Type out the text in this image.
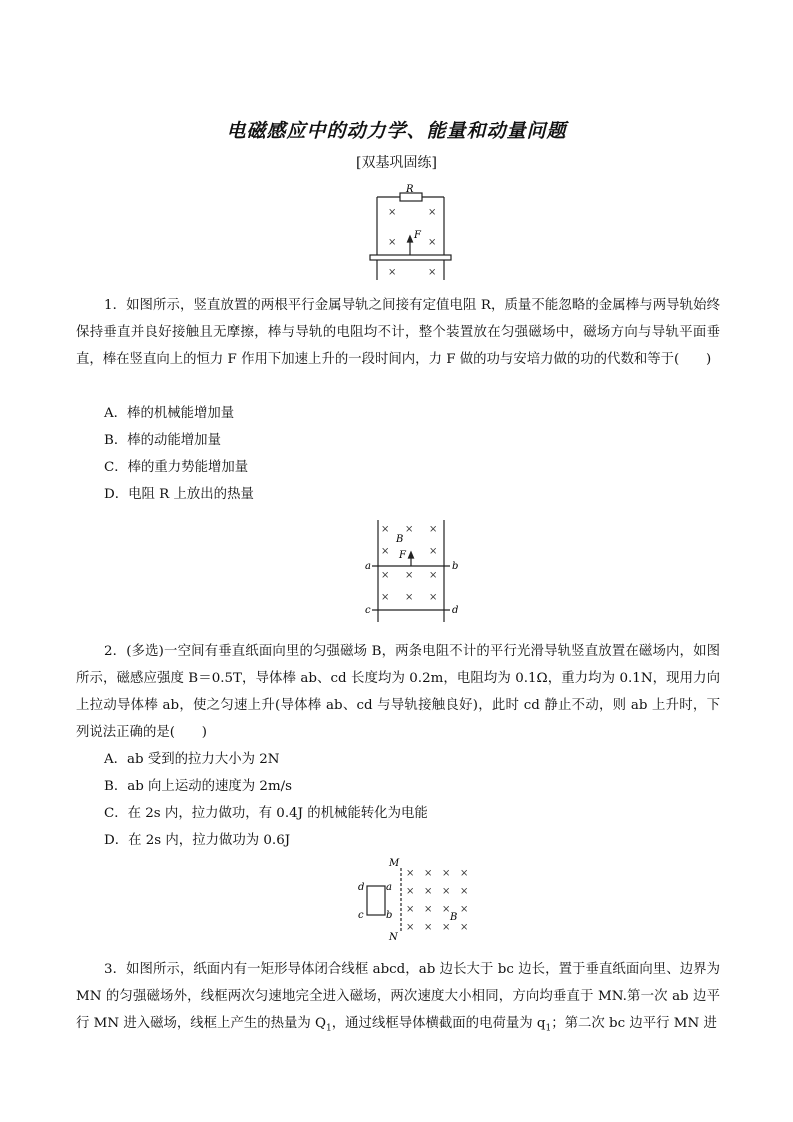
电磁感应中的动力学、能量和动量问题
[双基巩固练]
R
F
×	×
×	×
×	×
1．如图所示，竖直放置的两根平行金属导轨之间接有定值电阻 R，质量不能忽略的金属棒与两导轨始终保持垂直并良好接触且无摩擦，棒与导轨的电阻均不计，整个装置放在匀强磁场中，磁场方向与导轨平面垂直，棒在竖直向上的恒力 F 作用下加速上升的一段时间内，力 F 做的功与安培力做的功的代数和等于(　　)
A．棒的机械能增加量
B．棒的动能增加量
C．棒的重力势能增加量
D．电阻 R 上放出的热量
× × ×
×	×
× × ×
× × ×
B
F
a	b
c	d
2．(多选)一空间有垂直纸面向里的匀强磁场 B，两条电阻不计的平行光滑导轨竖直放置在磁场内，如图所示，磁感应强度 B＝0.5T，导体棒 ab、cd 长度均为 0.2m，电阻均为 0.1Ω，重力均为 0.1N，现用力向上拉动导体棒 ab，使之匀速上升(导体棒 ab、cd 与导轨接触良好)，此时 cd 静止不动，则 ab 上升时，下列说法正确的是(　　)
A．ab 受到的拉力大小为 2N
B．ab 向上运动的速度为 2m/s
C．在 2s 内，拉力做功，有 0.4J 的机械能转化为电能
D．在 2s 内，拉力做功为 0.6J
M
N
d a
c b	B
× × × ×
× × × ×
× × × ×
× × × ×
3．如图所示，纸面内有一矩形导体闭合线框 abcd，ab 边长大于 bc 边长，置于垂直纸面向里、边界为 MN 的匀强磁场外，线框两次匀速地完全进入磁场，两次速度大小相同，方向均垂直于 MN.第一次 ab 边平行 MN 进入磁场，线框上产生的热量为 $Q_1$，通过线框导体横截面的电荷量为 $q_1$；第二次 bc 边平行 MN 进
